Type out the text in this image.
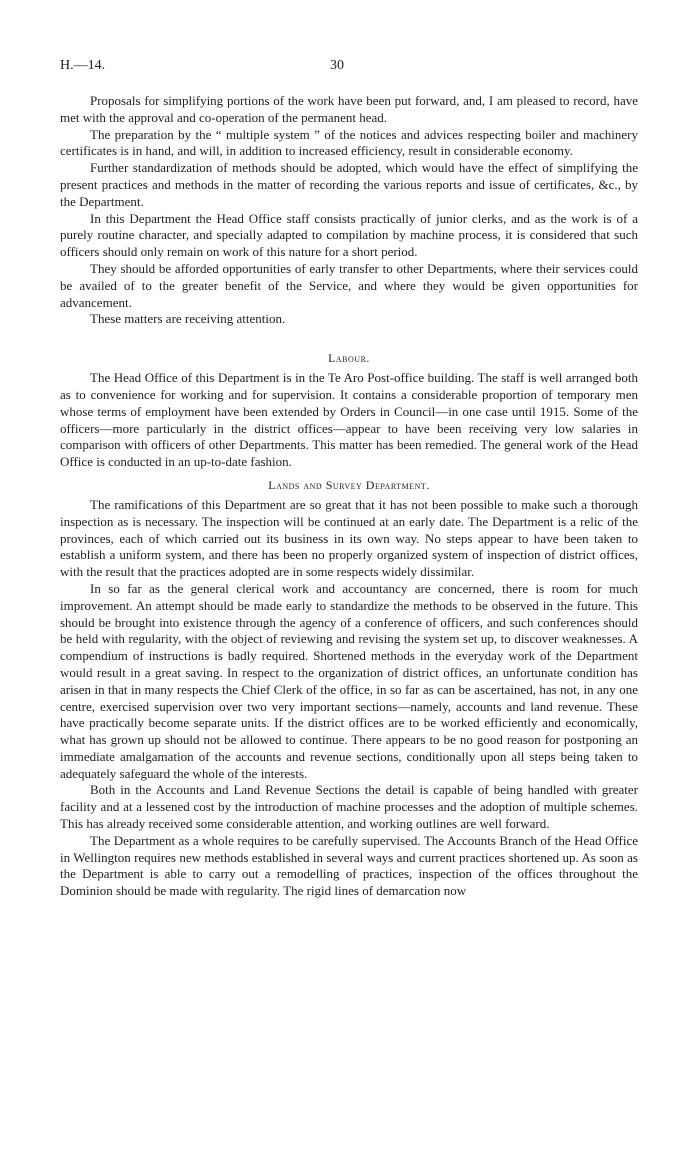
H.—14.	30

Proposals for simplifying portions of the work have been put forward, and, I am pleased to record, have met with the approval and co-operation of the permanent head.

The preparation by the “ multiple system ” of the notices and advices respecting boiler and machinery certificates is in hand, and will, in addition to increased efficiency, result in considerable economy.

Further standardization of methods should be adopted, which would have the effect of simplifying the present practices and methods in the matter of recording the various reports and issue of certificates, &c., by the Department.

In this Department the Head Office staff consists practically of junior clerks, and as the work is of a purely routine character, and specially adapted to compilation by machine process, it is considered that such officers should only remain on work of this nature for a short period.

They should be afforded opportunities of early transfer to other Departments, where their services could be availed of to the greater benefit of the Service, and where they would be given opportunities for advancement.

These matters are receiving attention.

Labour.

The Head Office of this Department is in the Te Aro Post-office building. The staff is well arranged both as to convenience for working and for supervision. It contains a considerable proportion of temporary men whose terms of employment have been extended by Orders in Council—in one case until 1915. Some of the officers—more particularly in the district offices—appear to have been receiving very low salaries in comparison with officers of other Departments. This matter has been remedied. The general work of the Head Office is conducted in an up-to-date fashion.

Lands and Survey Department.

The ramifications of this Department are so great that it has not been possible to make such a thorough inspection as is necessary. The inspection will be continued at an early date. The Department is a relic of the provinces, each of which carried out its business in its own way. No steps appear to have been taken to establish a uniform system, and there has been no properly organized system of inspection of district offices, with the result that the practices adopted are in some respects widely dissimilar.

In so far as the general clerical work and accountancy are concerned, there is room for much improvement. An attempt should be made early to standardize the methods to be observed in the future. This should be brought into existence through the agency of a conference of officers, and such conferences should be held with regularity, with the object of reviewing and revising the system set up, to discover weaknesses. A compendium of instructions is badly required. Shortened methods in the everyday work of the Department would result in a great saving. In respect to the organization of district offices, an unfortunate condition has arisen in that in many respects the Chief Clerk of the office, in so far as can be ascertained, has not, in any one centre, exercised supervision over two very important sections—namely, accounts and land revenue. These have practically become separate units. If the district offices are to be worked efficiently and economically, what has grown up should not be allowed to continue. There appears to be no good reason for postponing an immediate amalgamation of the accounts and revenue sections, conditionally upon all steps being taken to adequately safeguard the whole of the interests.

Both in the Accounts and Land Revenue Sections the detail is capable of being handled with greater facility and at a lessened cost by the introduction of machine processes and the adoption of multiple schemes. This has already received some considerable attention, and working outlines are well forward.

The Department as a whole requires to be carefully supervised. The Accounts Branch of the Head Office in Wellington requires new methods established in several ways and current practices shortened up. As soon as the Department is able to carry out a remodelling of practices, inspection of the offices throughout the Dominion should be made with regularity. The rigid lines of demarcation now
